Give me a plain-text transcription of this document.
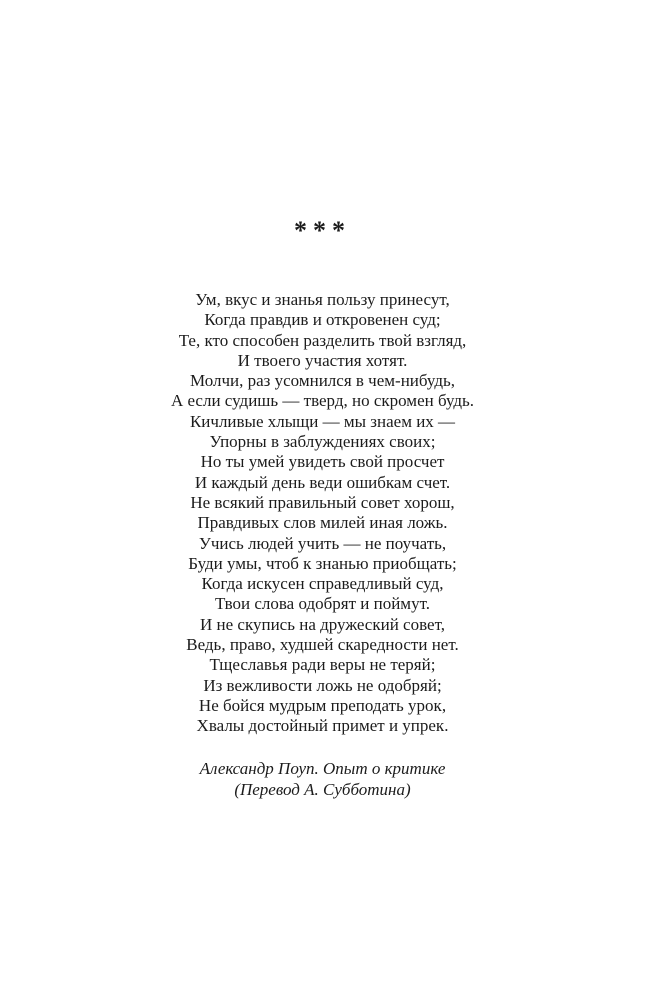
***
Ум, вкус и знанья пользу принесут,
Когда правдив и откровенен суд;
Те, кто способен разделить твой взгляд,
И твоего участия хотят.
Молчи, раз усомнился в чем-нибудь,
А если судишь — тверд, но скромен будь.
Кичливые хлыщи — мы знаем их —
Упорны в заблуждениях своих;
Но ты умей увидеть свой просчет
И каждый день веди ошибкам счет.
Не всякий правильный совет хорош,
Правдивых слов милей иная ложь.
Учись людей учить — не поучать,
Буди умы, чтоб к знанью приобщать;
Когда искусен справедливый суд,
Твои слова одобрят и поймут.
И не скупись на дружеский совет,
Ведь, право, худшей скаредности нет.
Тщеславья ради веры не теряй;
Из вежливости ложь не одобряй;
Не бойся мудрым преподать урок,
Хвалы достойный примет и упрек.
Александр Поуп. Опыт о критике
(Перевод А. Субботина)
